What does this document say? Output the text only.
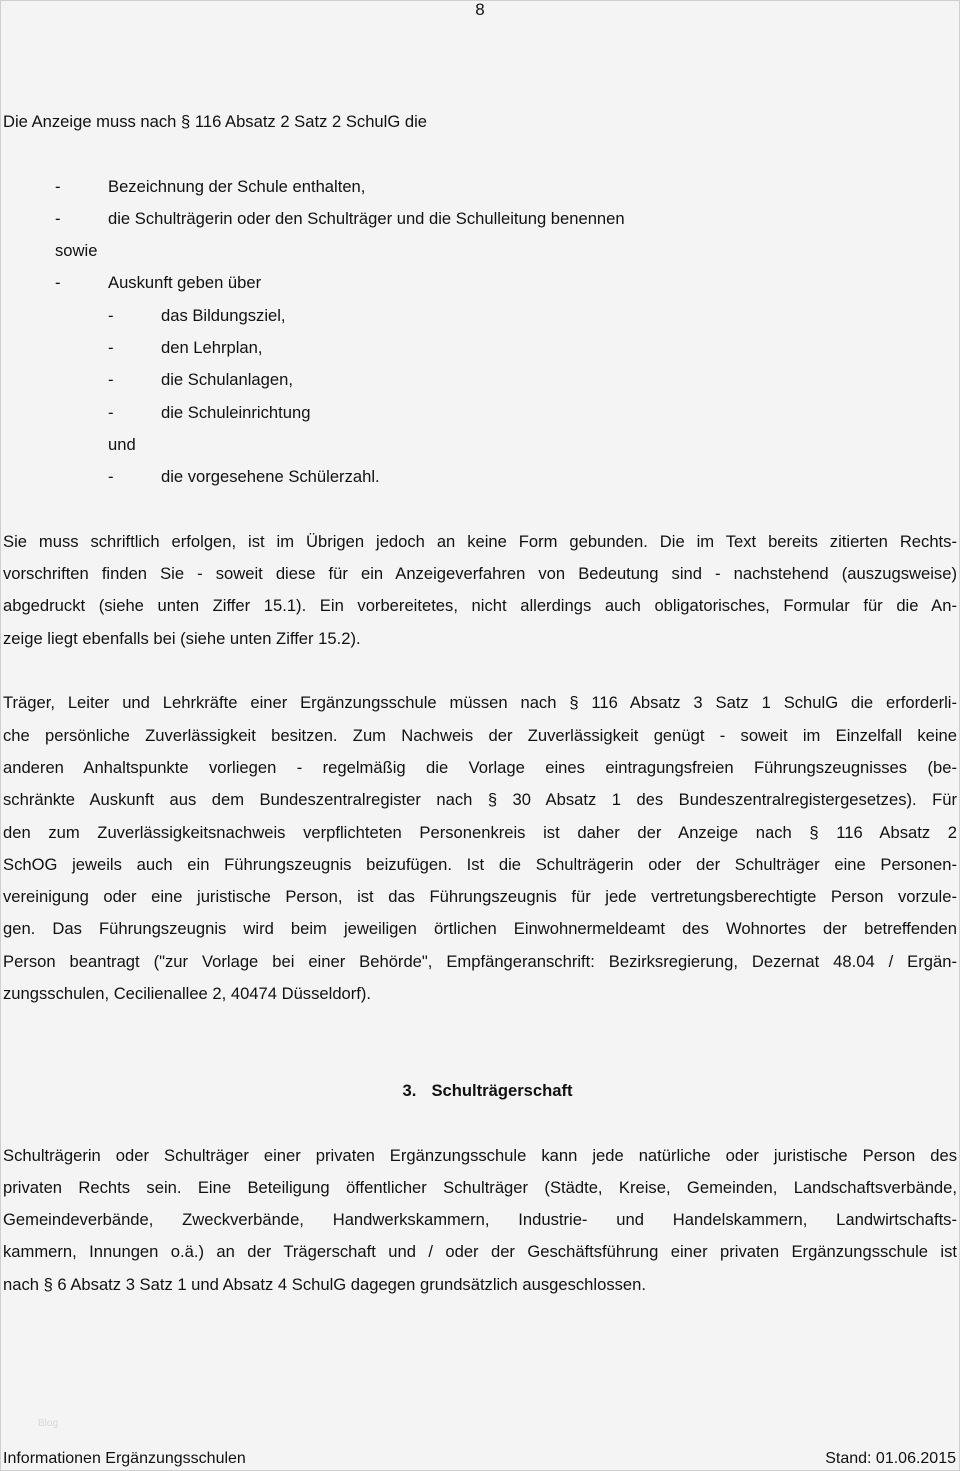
8
Die Anzeige muss nach § 116 Absatz 2 Satz 2 SchulG die
-	Bezeichnung der Schule enthalten,
-	die Schulträgerin oder den Schulträger und die Schulleitung benennen
sowie
-	Auskunft geben über
-	das Bildungsziel,
-	den Lehrplan,
-	die Schulanlagen,
-	die Schuleinrichtung
und
-	die vorgesehene Schülerzahl.
Sie muss schriftlich erfolgen, ist im Übrigen jedoch an keine Form gebunden. Die im Text bereits zitierten Rechts-
vorschriften finden Sie - soweit diese für ein Anzeigeverfahren von Bedeutung sind - nachstehend (auszugsweise)
abgedruckt (siehe unten Ziffer 15.1). Ein vorbereitetes, nicht allerdings auch obligatorisches, Formular für die An-
zeige liegt ebenfalls bei (siehe unten Ziffer 15.2).
Träger, Leiter und Lehrkräfte einer Ergänzungsschule müssen nach § 116 Absatz 3 Satz 1 SchulG die erforderli-
che persönliche Zuverlässigkeit besitzen. Zum Nachweis der Zuverlässigkeit genügt - soweit im Einzelfall keine
anderen Anhaltspunkte vorliegen - regelmäßig die Vorlage eines eintragungsfreien Führungszeugnisses (be-
schränkte Auskunft aus dem Bundeszentralregister nach § 30 Absatz 1 des Bundeszentralregistergesetzes). Für
den zum Zuverlässigkeitsnachweis verpflichteten Personenkreis ist daher der Anzeige nach § 116 Absatz 2
SchOG jeweils auch ein Führungszeugnis beizufügen. Ist die Schulträgerin oder der Schulträger eine Personen-
vereinigung oder eine juristische Person, ist das Führungszeugnis für jede vertretungsberechtigte Person vorzule-
gen. Das Führungszeugnis wird beim jeweiligen örtlichen Einwohnermeldeamt des Wohnortes der betreffenden
Person beantragt ("zur Vorlage bei einer Behörde", Empfängeranschrift: Bezirksregierung, Dezernat 48.04 / Ergän-
zungsschulen, Cecilienallee 2, 40474 Düsseldorf).
3. Schulträgerschaft
Schulträgerin oder Schulträger einer privaten Ergänzungsschule kann jede natürliche oder juristische Person des
privaten Rechts sein. Eine Beteiligung öffentlicher Schulträger (Städte, Kreise, Gemeinden, Landschaftsverbände,
Gemeindeverbände, Zweckverbände, Handwerkskammern, Industrie- und Handelskammern, Landwirtschafts-
kammern, Innungen o.ä.) an der Trägerschaft und / oder der Geschäftsführung einer privaten Ergänzungsschule ist
nach § 6 Absatz 3 Satz 1 und Absatz 4 SchulG dagegen grundsätzlich ausgeschlossen.
Blog
Informationen Ergänzungsschulen	Stand: 01.06.2015
